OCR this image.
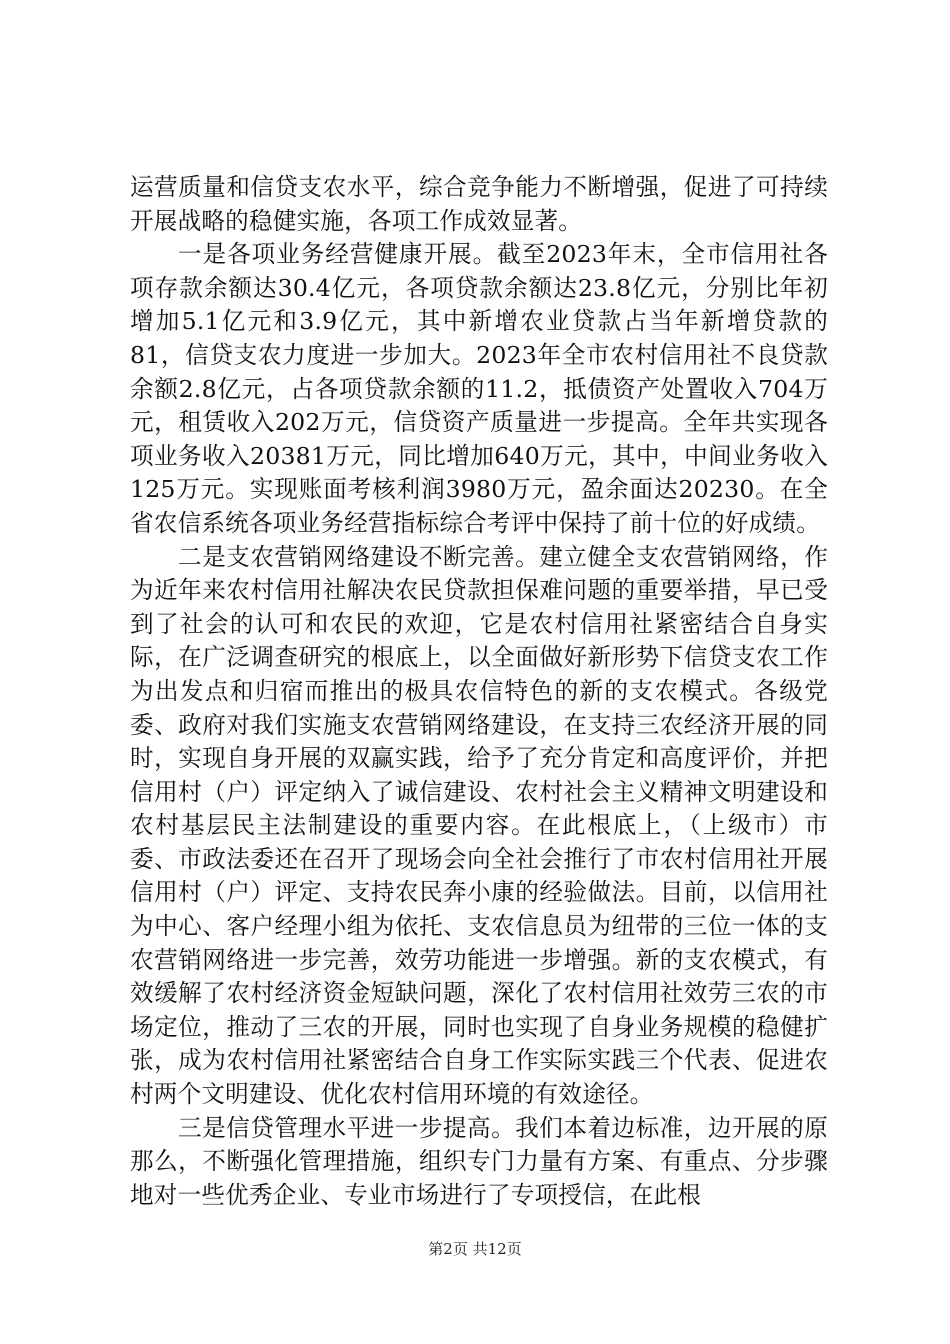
运营质量和信贷支农水平，综合竞争能力不断增强，促进了可持续开展战略的稳健实施，各项工作成效显著。

一是各项业务经营健康开展。截至2023年末，全市信用社各项存款余额达30.4亿元，各项贷款余额达23.8亿元，分别比年初增加5.1亿元和3.9亿元，其中新增农业贷款占当年新增贷款的81，信贷支农力度进一步加大。2023年全市农村信用社不良贷款余额2.8亿元，占各项贷款余额的11.2，抵债资产处置收入704万元，租赁收入202万元，信贷资产质量进一步提高。全年共实现各项业务收入20381万元，同比增加640万元，其中，中间业务收入125万元。实现账面考核利润3980万元，盈余面达20230。在全省农信系统各项业务经营指标综合考评中保持了前十位的好成绩。

二是支农营销网络建设不断完善。建立健全支农营销网络，作为近年来农村信用社解决农民贷款担保难问题的重要举措，早已受到了社会的认可和农民的欢迎，它是农村信用社紧密结合自身实际，在广泛调查研究的根底上，以全面做好新形势下信贷支农工作为出发点和归宿而推出的极具农信特色的新的支农模式。各级党委、政府对我们实施支农营销网络建设，在支持三农经济开展的同时，实现自身开展的双赢实践，给予了充分肯定和高度评价，并把信用村（户）评定纳入了诚信建设、农村社会主义精神文明建设和农村基层民主法制建设的重要内容。在此根底上，（上级市）市委、市政法委还在召开了现场会向全社会推行了市农村信用社开展信用村（户）评定、支持农民奔小康的经验做法。目前，以信用社为中心、客户经理小组为依托、支农信息员为纽带的三位一体的支农营销网络进一步完善，效劳功能进一步增强。新的支农模式，有效缓解了农村经济资金短缺问题，深化了农村信用社效劳三农的市场定位，推动了三农的开展，同时也实现了自身业务规模的稳健扩张，成为农村信用社紧密结合自身工作实际实践三个代表、促进农村两个文明建设、优化农村信用环境的有效途径。

三是信贷管理水平进一步提高。我们本着边标准，边开展的原那么，不断强化管理措施，组织专门力量有方案、有重点、分步骤地对一些优秀企业、专业市场进行了专项授信，在此根

第2页 共12页
